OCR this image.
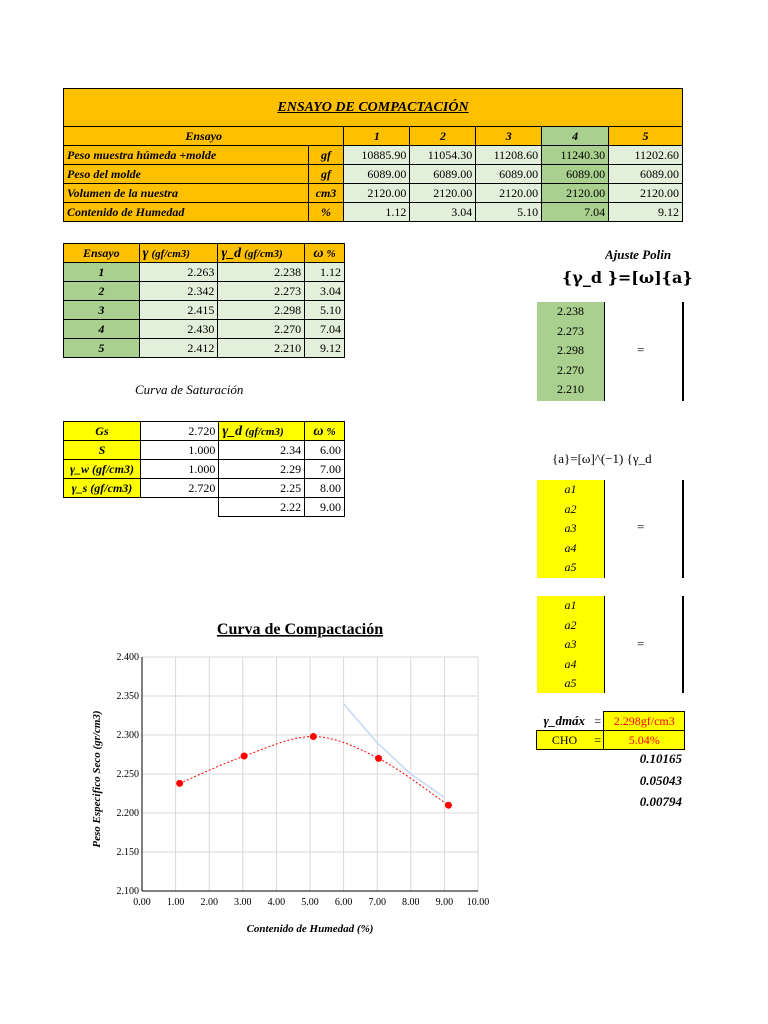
ENSAYO DE COMPACTACIÓN						
Ensayo		1	2	3	4	5
Peso muestra húmeda +molde	gf	10885.90	11054.30	11208.60	11240.30	11202.60
Peso del molde	gf	6089.00	6089.00	6089.00	6089.00	6089.00
Volumen de la nuestra	cm3	2120.00	2120.00	2120.00	2120.00	2120.00
Contenido de Humedad	%	1.12	3.04	5.10	7.04	9.12
Ensayo	γ (gf/cm3)	γ_d (gf/cm3)	ω %
1	2.263	2.238	1.12
2	2.342	2.273	3.04
3	2.415	2.298	5.10
4	2.430	2.270	7.04
5	2.412	2.210	9.12
Curva de Saturación
Gs	2.720	γ_d (gf/cm3)	ω %
S	1.000	2.34	6.00
γ_w (gf/cm3)	1.000	2.29	7.00
γ_s (gf/cm3)	2.720	2.25	8.00
		2.22	9.00
Ajuste Polin
{γ_d }=[ω]{a}
2.238
2.273
2.298
2.270
2.210
=
{a}=[ω]^(−1) {γ_d
a1
a2
a3
a4
a5
=
a1
a2
a3
a4
a5
=
γ_dmáx	=	2.298gf/cm3
CHO	=	5.04%
0.10165
0.05043
0.00794
Curva de Compactación
0.00 1.00 2.00 3.00 4.00 5.00 6.00 7.00 8.00 9.00 10.00
2.100
2.150
2.200
2.250
2.300
2.350
2.400
Contenido de Humedad (%)
Peso Especifico Seco (gr/cm3)
